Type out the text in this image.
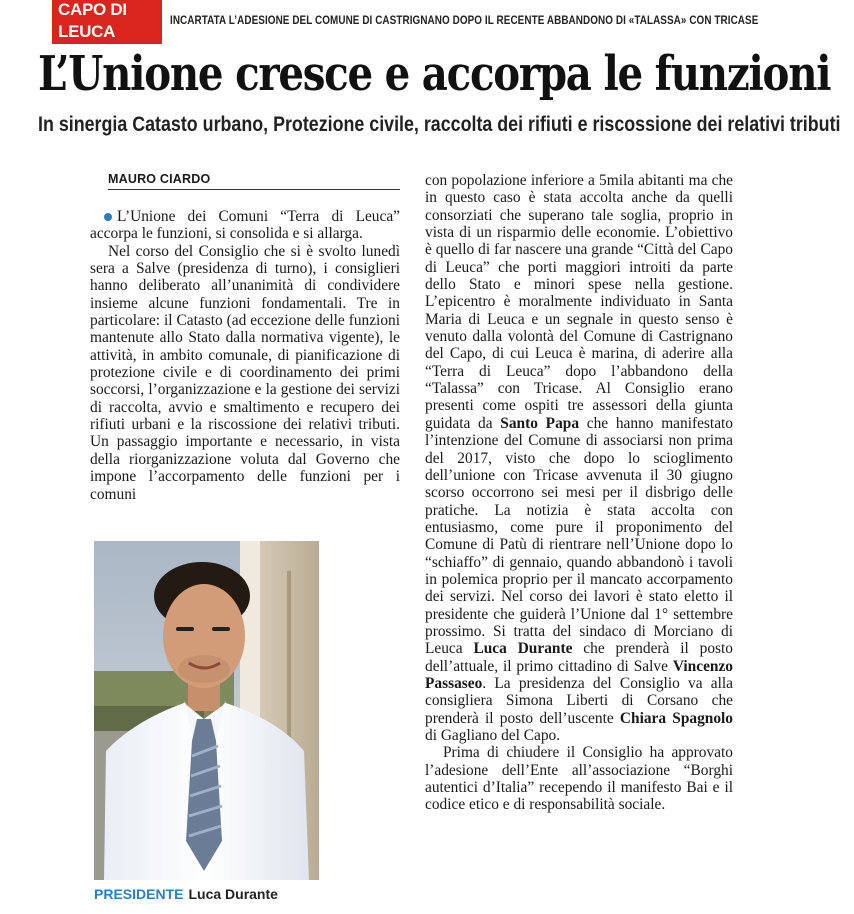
CAPO DI LEUCA
INCARTATA L’ADESIONE DEL COMUNE DI CASTRIGNANO DOPO IL RECENTE ABBANDONO DI «TALASSA» CON TRICASE
L’Unione cresce e accorpa le funzioni
In sinergia Catasto urbano, Protezione civile, raccolta dei rifiuti e riscossione dei relativi tributi
MAURO CIARDO

L’Unione dei Comuni “Terra di Leuca” accorpa le funzioni, si consolida e si allarga.

Nel corso del Consiglio che si è svolto lunedì sera a Salve (presidenza di turno), i consiglieri hanno deliberato all’unanimità di condividere insieme alcune funzioni fondamentali. Tre in particolare: il Catasto (ad eccezione delle funzioni mantenute allo Stato dalla normativa vigente), le attività, in ambito comunale, di pianificazione di protezione civile e di coordinamento dei primi soccorsi, l’organizzazione e la gestione dei servizi di raccolta, avvio e smaltimento e recupero dei rifiuti urbani e la riscossione dei relativi tributi. Un passaggio importante e necessario, in vista della riorganizzazione voluta dal Governo che impone l’accorpamento delle funzioni per i comuni

con popolazione inferiore a 5mila abitanti ma che in questo caso è stata accolta anche da quelli consorziati che superano tale soglia, proprio in vista di un risparmio delle economie. L’obiettivo è quello di far nascere una grande “Città del Capo di Leuca” che porti maggiori introiti da parte dello Stato e minori spese nella gestione. L’epicentro è moralmente individuato in Santa Maria di Leuca e un segnale in questo senso è venuto dalla volontà del Comune di Castrignano del Capo, di cui Leuca è marina, di aderire alla “Terra di Leuca” dopo l’abbandono della “Talassa” con Tricase. Al Consiglio erano presenti come ospiti tre assessori della giunta guidata da Santo Papa che hanno manifestato l’intenzione del Comune di associarsi non prima del 2017, visto che dopo lo scioglimento dell’unione con Tricase avvenuta il 30 giugno scorso occorrono sei mesi per il disbrigo delle pratiche. La notizia è stata accolta con entusiasmo, come pure il proponimento del Comune di Patù di rientrare nell’Unione dopo lo “schiaffo” di gennaio, quando abbandonò i tavoli in polemica proprio per il mancato accorpamento dei servizi. Nel corso dei lavori è stato eletto il presidente che guiderà l’Unione dal 1° settembre prossimo. Si tratta del sindaco di Morciano di Leuca Luca Durante che prenderà il posto dell’attuale, il primo cittadino di Salve Vincenzo Passaseo. La presidenza del Consiglio va alla consigliera Simona Liberti di Corsano che prenderà il posto dell’uscente Chiara Spagnolo di Gagliano del Capo.

Prima di chiudere il Consiglio ha approvato l’adesione dell’Ente all’associazione “Borghi autentici d’Italia” recependo il manifesto Bai e il codice etico e di responsabilità sociale.

PRESIDENTE Luca Durante
